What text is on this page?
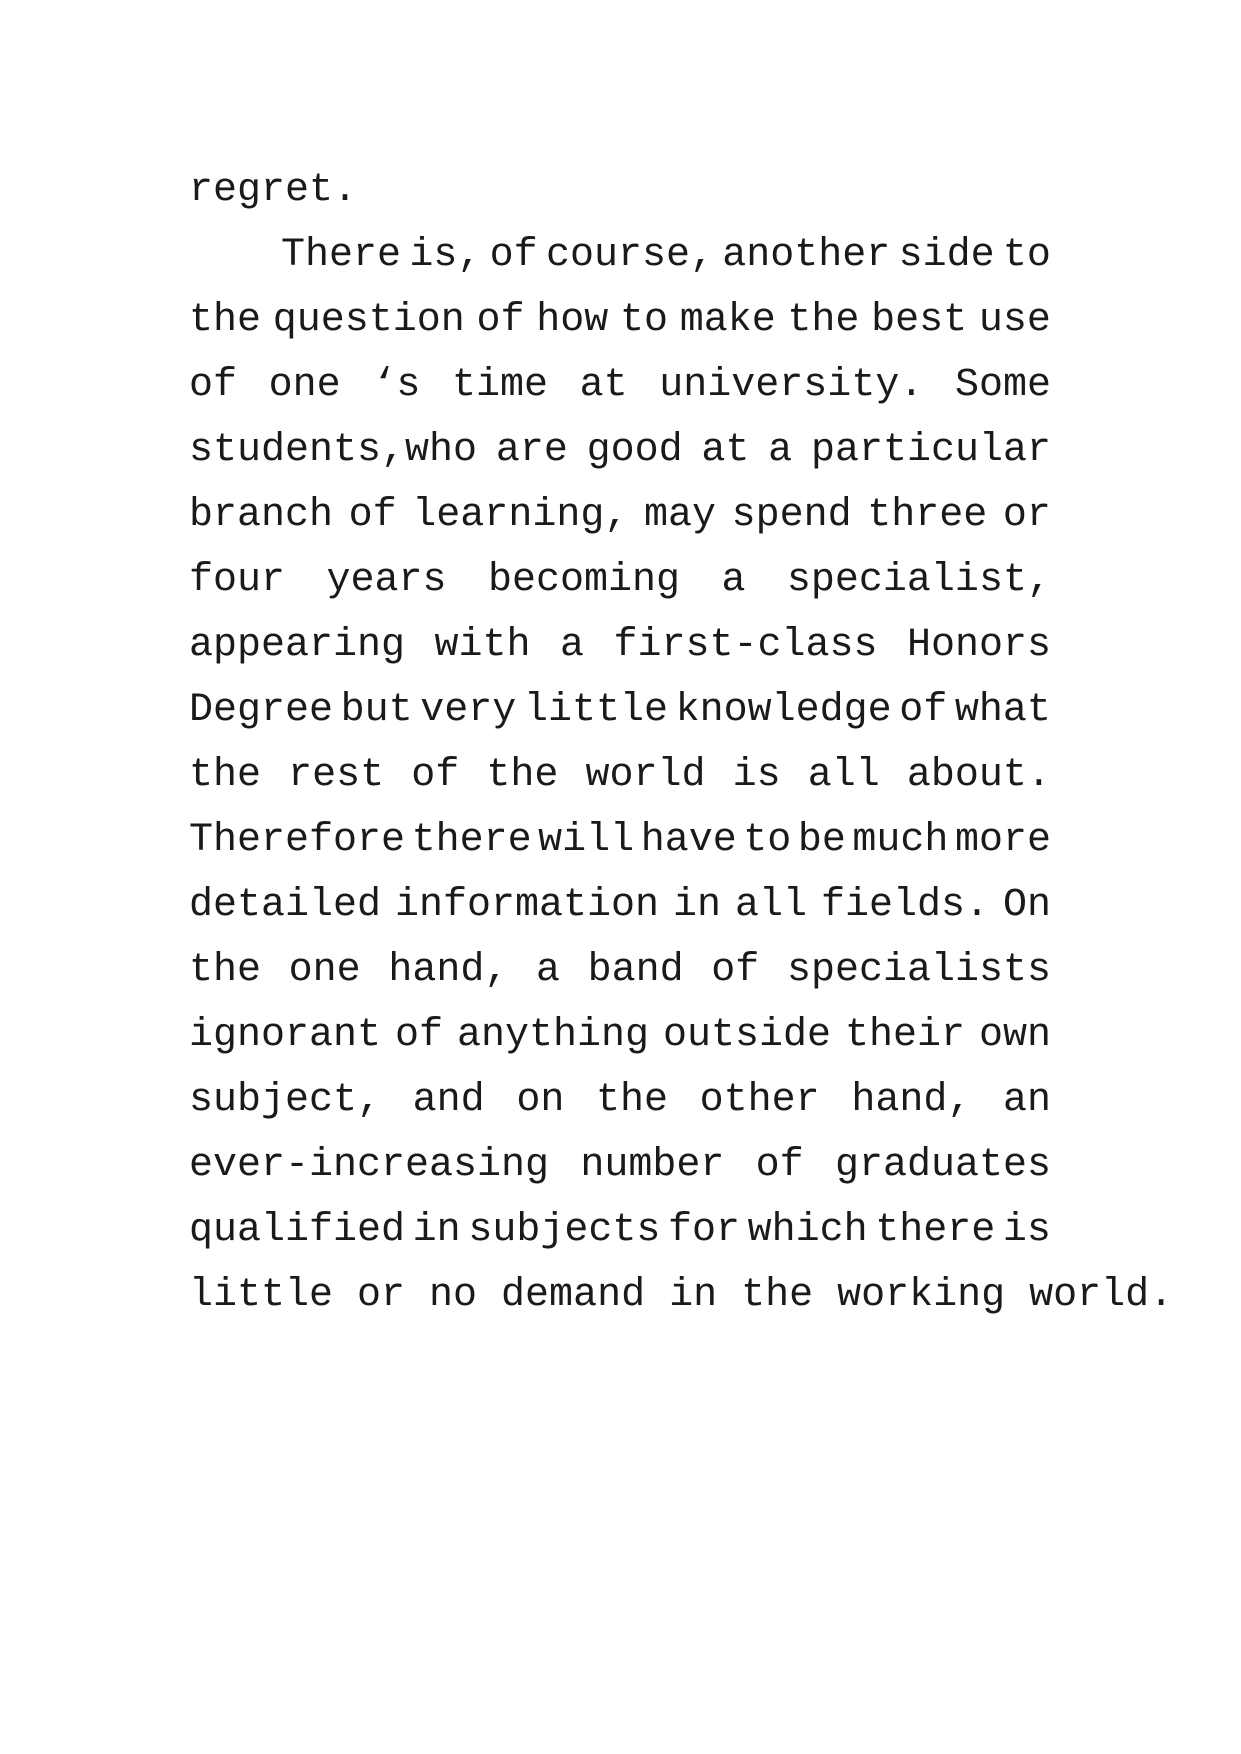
regret.
There is, of course, another side to
the question of how to make the best use
of one ‘s time at university. Some
students,who are good at a particular
branch of learning, may spend three or
four years becoming a specialist,
appearing with a first-class Honors
Degree but very little knowledge of what
the rest of the world is all about.
Therefore there will have to be much more
detailed information in all fields. On
the one hand, a band of specialists
ignorant of anything outside their own
subject, and on the other hand, an
ever-increasing number of graduates
qualified in subjects for which there is
little or no demand in the working world.
